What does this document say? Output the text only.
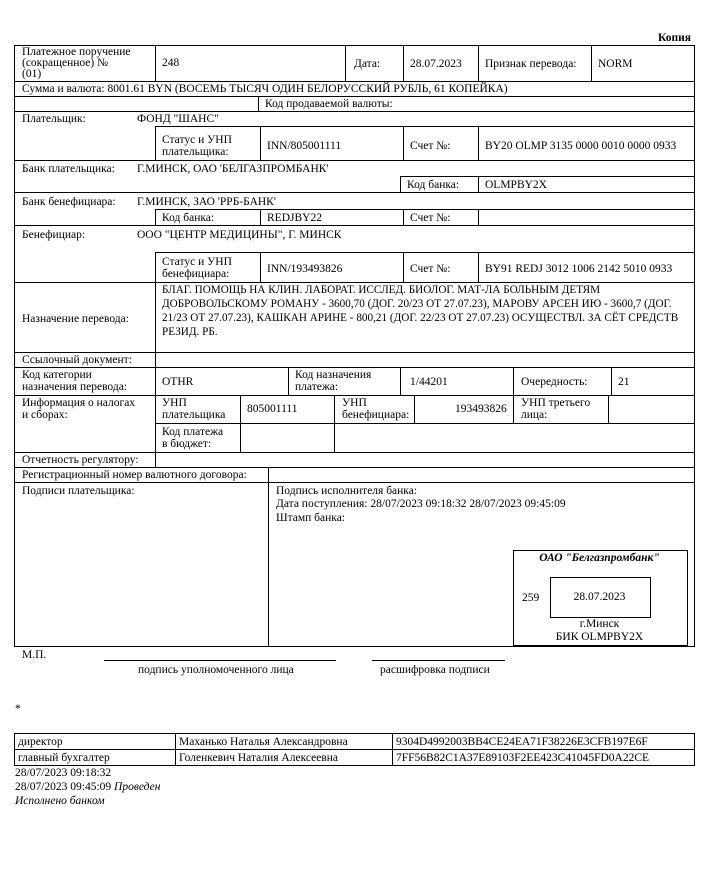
Копия
Платежное поручение
(сокращенное) №
(01)
248	Дата:	28.07.2023 Признак перевода: NORM
Сумма и валюта: 8001.61 BYN (ВОСЕМЬ ТЫСЯЧ ОДИН БЕЛОРУССКИЙ РУБЛЬ, 61 КОПЕЙКА)
Код продаваемой валюты:
Плательщик:	ФОНД "ШАНС"
Статус и УНП
плательщика:	INN/805001111	Счет №:	BY20 OLMP 3135 0000 0010 0000 0933
Банк плательщика: Г.МИНСК, ОАО 'БЕЛГАЗПРОМБАНК'
Код банка: OLMPBY2X
Банк бенефициара: Г.МИНСК, ЗАО 'РРБ-БАНК'
Код банка:	REDJBY22	Счет №:
Бенефициар:	ООО "ЦЕНТР МЕДИЦИНЫ", Г. МИНСК
Статус и УНП
бенефициара:	INN/193493826	Счет №:	BY91 REDJ 3012 1006 2142 5010 0933
Назначение перевода:
БЛАГ. ПОМОЩЬ НА КЛИН. ЛАБОРАТ. ИССЛЕД. БИОЛОГ. МАТ-ЛА БОЛЬНЫМ ДЕТЯМ ДОБРОВОЛЬСКОМУ РОМАНУ - 3600,70 (ДОГ. 20/23 ОТ 27.07.23), МАРОВУ АРСЕН ИЮ - 3600,7 (ДОГ. 21/23 ОТ 27.07.23), КАШКАН АРИНЕ - 800,21 (ДОГ. 22/23 ОТ 27.07.23) ОСУЩЕСТВЛ. ЗА СЁТ СРЕДСТВ РЕЗИД. РБ.
Ссылочный документ:
Код категории
назначения перевода:	OTHR
Код назначения
платежа:	1/44201	Очередность:	21
Информация о налогах
и сборах:
УНП
плательщика 805001111	УНП
бенефициара:	193493826 УНП третьего
лица:
Код платежа
в бюджет:
Отчетность регулятору:
Регистрационный номер валютного договора:
Подписи плательщика:	Подпись исполнителя банка:
Дата поступления: 28/07/2023 09:18:32 28/07/2023 09:45:09
Штамп банка:
ОАО "Белгазпромбанк"
259	28.07.2023
г.Минск
БИК OLMPBY2X
М.П.
подпись уполномоченного лица	расшифровка подписи
*
директор	Маханько Наталья Александровна	9304D4992003BB4CE24EA71F38226E3CFB197E6F
главный бухгалтер	Голенкевич Наталия Алексеевна	7FF56B82C1A37E89103F2EE423C41045FD0A22CE
28/07/2023 09:18:32
28/07/2023 09:45:09 Проведен
Исполнено банком
